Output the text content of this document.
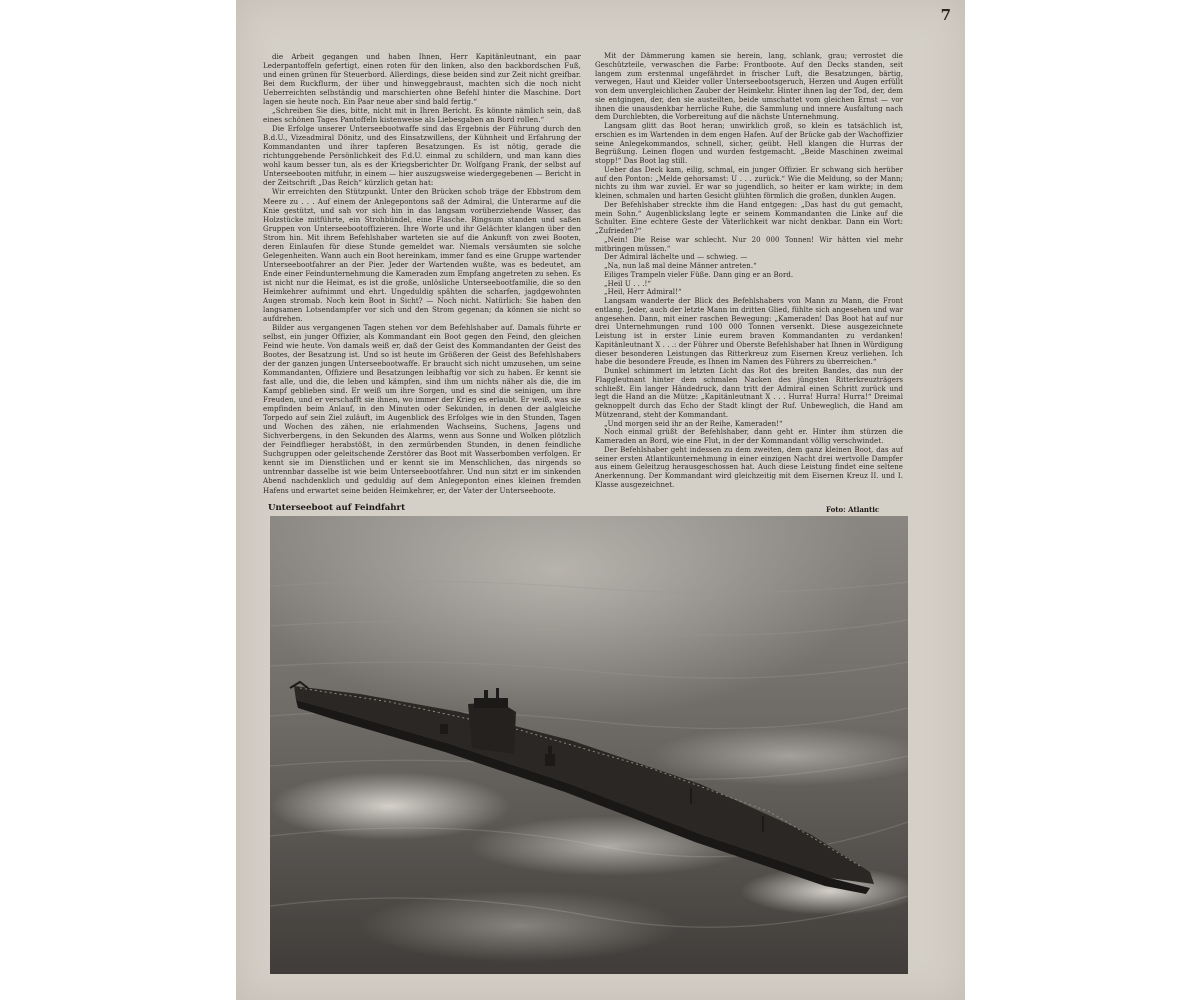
7

die Arbeit gegangen und haben Ihnen, Herr Kapitänleutnant, ein paar Lederpantoffeln gefertigt, einen roten für den linken, also den backbordschen Fuß, und einen grünen für Steuerbord. Allerdings, diese beiden sind zur Zeit nicht greifbar. Bei dem Ruckflurm, der über und hinweggebraust, machten sich die noch nicht Ueberreichten selbständig und marschierten ohne Befehl hinter die Maschine. Dort lagen sie heute noch. Ein Paar neue aber sind bald fertig.“

„Schreiben Sie dies, bitte, nicht mit in Ihren Bericht. Es könnte nämlich sein, daß eines schönen Tages Pantoffeln kistenweise als Liebesgaben an Bord rollen.“

Die Erfolge unserer Unterseebootwaffe sind das Ergebnis der Führung durch den B.d.U., Vizeadmiral Dönitz, und des Einsatzwillens, der Kühnheit und Erfahrung der Kommandanten und ihrer tapferen Besatzungen. Es ist nötig, gerade die richtunggebende Persönlichkeit des F.d.U. einmal zu schildern, und man kann dies wohl kaum besser tun, als es der Kriegsberichter Dr. Wolfgang Frank, der selbst auf Unterseebooten mitfuhr, in einem — hier auszugsweise wiedergegebenen — Bericht in der Zeitschrift „Das Reich“ kürzlich getan hat:

Wir erreichten den Stützpunkt. Unter den Brücken schob träge der Ebbstrom dem Meere zu . . . Auf einem der Anlegepontons saß der Admiral, die Unterarme auf die Knie gestützt, und sah vor sich hin in das langsam vorüberziehende Wasser, das Holzstücke mitführte, ein Strohbündel, eine Flasche. Ringsum standen und saßen Gruppen von Unterseebootoffizieren. Ihre Worte und ihr Gelächter klangen über den Strom hin. Mit ihrem Befehlshaber warteten sie auf die Ankunft von zwei Booten, deren Einlaufen für diese Stunde gemeldet war. Niemals versäumten sie solche Gelegenheiten. Wann auch ein Boot hereinkam, immer fand es eine Gruppe wartender Unterseebootfahrer an der Pier. Jeder der Wartenden wußte, was es bedeutet, am Ende einer Feindunternehmung die Kameraden zum Empfang angetreten zu sehen. Es ist nicht nur die Heimat, es ist die große, unlösliche Unterseebootfamilie, die so den Heimkehrer aufnimmt und ehrt. Ungeduldig spähten die scharfen, jagdgewohnten Augen stromab. Noch kein Boot in Sicht? — Noch nicht. Natürlich: Sie haben den langsamen Lotsendampfer vor sich und den Strom gegenan; da können sie nicht so aufdrehen.

Bilder aus vergangenen Tagen stehen vor dem Befehlshaber auf. Damals führte er selbst, ein junger Offizier, als Kommandant ein Boot gegen den Feind, den gleichen Feind wie heute. Von damals weiß er, daß der Geist des Kommandanten der Geist des Bootes, der Besatzung ist. Und so ist heute im Größeren der Geist des Befehlshabers der der ganzen jungen Unterseebootwaffe. Er braucht sich nicht umzusehen, um seine Kommandanten, Offiziere und Besatzungen leibhaftig vor sich zu haben. Er kennt sie fast alle, und die, die leben und kämpfen, sind ihm um nichts näher als die, die im Kampf geblieben sind. Er weiß um ihre Sorgen, und es sind die seinigen, um ihre Freuden, und er verschafft sie ihnen, wo immer der Krieg es erlaubt. Er weiß, was sie empfinden beim Anlauf, in den Minuten oder Sekunden, in denen der aalgleiche Torpedo auf sein Ziel zuläuft, im Augenblick des Erfolges wie in den Stunden, Tagen und Wochen des zähen, nie erlahmenden Wachseins, Suchens, Jagens und Sichverbergens, in den Sekunden des Alarms, wenn aus Sonne und Wolken plötzlich der Feindflieger herabstößt, in den zermürbenden Stunden, in denen feindliche Suchgruppen oder geleitschende Zerstörer das Boot mit Wasserbomben verfolgen. Er kennt sie im Dienstlichen und er kennt sie im Menschlichen, das nirgends so untrennbar dasselbe ist wie beim Unterseebootfahrer. Und nun sitzt er im sinkenden Abend nachdenklich und geduldig auf dem Anlegeponton eines kleinen fremden Hafens und erwartet seine beiden Heimkehrer, er, der Vater der Unterseeboote.

Mit der Dämmerung kamen sie herein, lang, schlank, grau; verrostet die Geschützteile, verwaschen die Farbe: Frontboote. Auf den Decks standen, seit langem zum erstenmal ungefährdet in frischer Luft, die Besatzungen, bärtig, verwegen, Haut und Kleider voller Unterseebootsgeruch, Herzen und Augen erfüllt von dem unvergleichlichen Zauber der Heimkehr. Hinter ihnen lag der Tod, der, dem sie entgingen, der, den sie austeilten, beide umschattet vom gleichen Ernst — vor ihnen die unausdenkbar herrliche Ruhe, die Sammlung und innere Ausfaltung nach dem Durchlebten, die Vorbereitung auf die nächste Unternehmung.

Langsam glitt das Boot heran; unwirklich groß, so klein es tatsächlich ist, erschien es im Wartenden in dem engen Hafen. Auf der Brücke gab der Wachoffizier seine Anlegekommandos, schnell, sicher, geübt. Hell klangen die Hurras der Begrüßung. Leinen flogen und wurden festgemacht. „Beide Maschinen zweimal stopp!“ Das Boot lag still.

Ueber das Deck kam, eilig, schmal, ein junger Offizier. Er schwang sich herüber auf den Ponton: „Melde gehorsamst: U . . . zurück.“ Wie die Meldung, so der Mann; nichts zu ihm war zuviel. Er war so jugendlich, so heiter er kam wirkte; in dem kleinen, schmalen und harten Gesicht glühten förmlich die großen, dunklen Augen.

Der Befehlshaber streckte ihm die Hand entgegen: „Das hast du gut gemacht, mein Sohn.“ Augenblickslang legte er seinem Kommandanten die Linke auf die Schulter. Eine echtere Geste der Väterlichkeit war nicht denkbar. Dann ein Wort: „Zufrieden?“

„Nein! Die Reise war schlecht. Nur 20 000 Tonnen! Wir hätten viel mehr mitbringen müssen.“

Der Admiral lächelte und — schwieg. —

„Na, nun laß mal deine Männer antreten.“

Eiliges Trampeln vieler Füße. Dann ging er an Bord.

„Heil U . . .!“

„Heil, Herr Admiral!“

Langsam wanderte der Blick des Befehlshabers von Mann zu Mann, die Front entlang. Jeder, auch der letzte Mann im dritten Glied, fühlte sich angesehen und war angesehen. Dann, mit einer raschen Bewegung: „Kameraden! Das Boot hat auf nur drei Unternehmungen rund 100 000 Tonnen versenkt. Diese ausgezeichnete Leistung ist in erster Linie eurem braven Kommandanten zu verdanken! Kapitänleutnant X . . .: der Führer und Oberste Befehlshaber hat Ihnen in Würdigung dieser besonderen Leistungen das Ritterkreuz zum Eisernen Kreuz verliehen. Ich habe die besondere Freude, es Ihnen im Namen des Führers zu überreichen.“

Dunkel schimmert im letzten Licht das Rot des breiten Bandes, das nun der Flaggleutnant hinter dem schmalen Nacken des jüngsten Ritterkreuzträgers schließt. Ein langer Händedruck, dann tritt der Admiral einen Schritt zurück und legt die Hand an die Mütze: „Kapitänleutnant X . . . Hurra! Hurra! Hurra!“ Dreimal geknoppelt durch das Echo der Stadt klingt der Ruf. Unbeweglich, die Hand am Mützenrand, steht der Kommandant.

„Und morgen seid ihr an der Reihe, Kameraden!“

Noch einmal grüßt der Befehlshaber, dann geht er. Hinter ihm stürzen die Kameraden an Bord, wie eine Flut, in der der Kommandant völlig verschwindet.

Der Befehlshaber geht indessen zu dem zweiten, dem ganz kleinen Boot, das auf seiner ersten Atlantikunternehmung in einer einzigen Nacht drei wertvolle Dampfer aus einem Geleitzug herausgeschossen hat. Auch diese Leistung findet eine seltene Anerkennung. Der Kommandant wird gleichzeitig mit dem Eisernen Kreuz II. und I. Klasse ausgezeichnet.

Unterseeboot auf Feindfahrt	Foto: Atlantic
